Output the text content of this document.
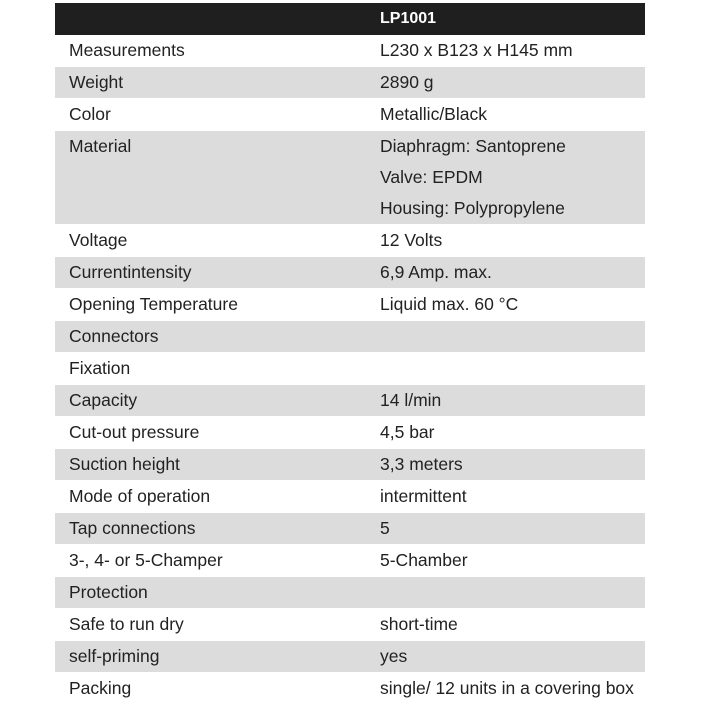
LP1001
Measurements	L230 x B123 x H145 mm
Weight	2890 g
Color	Metallic/Black
Material	Diaphragm: Santoprene
Valve: EPDM
Housing: Polypropylene
Voltage	12 Volts
Currentintensity	6,9 Amp. max.
Opening Temperature	Liquid max. 60 °C
Connectors

Fixation

Capacity	14 l/min
Cut-out pressure	4,5 bar
Suction height	3,3 meters
Mode of operation	intermittent
Tap connections	5
3-, 4- or 5-Champer	5-Chamber
Protection

Safe to run dry	short-time
self-priming	yes
Packing	single/ 12 units in a covering box
